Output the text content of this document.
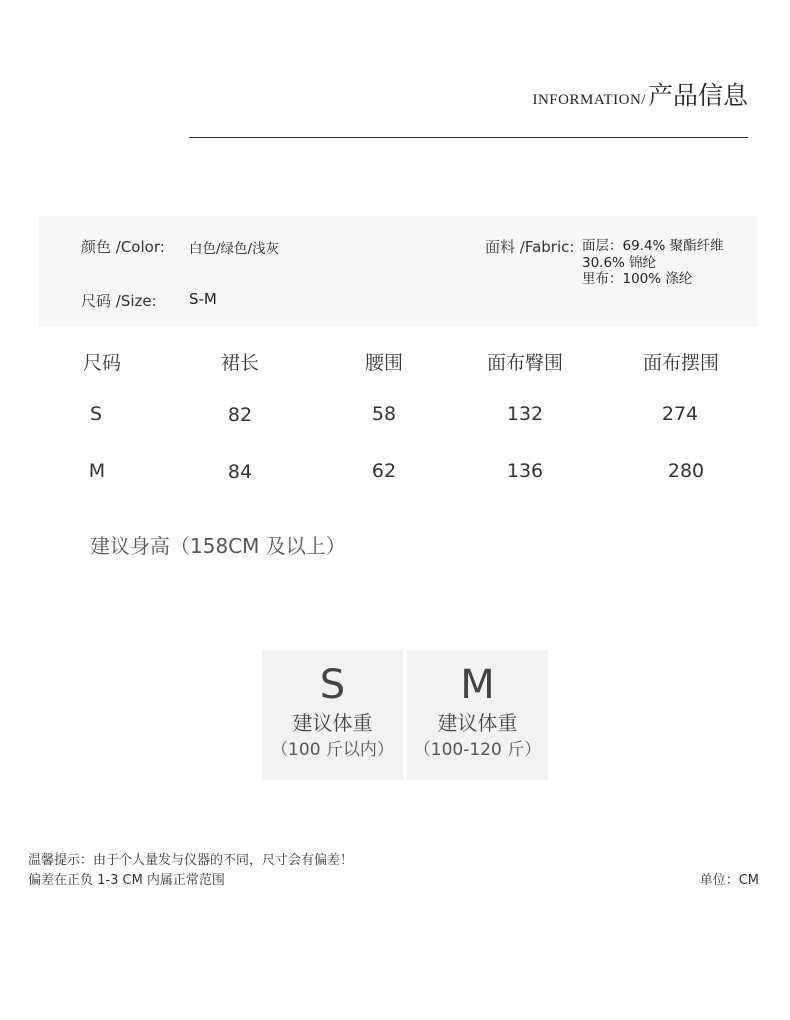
INFORMATION/ 产品信息
颜色 /Color: 白色/绿色/浅灰
尺码 /Size: S-M
面料 /Fabric: 面层：69.4% 聚酯纤维
30.6% 锦纶
里布：100% 涤纶
尺码	裙长	腰围	面布臀围	面布摆围
S	82	58	132	274
M	84	62	136	280
建议身高（158CM 及以上）
S
建议体重
（100 斤以内）
M
建议体重
（100-120 斤）
温馨提示：由于个人量发与仪器的不同，尺寸会有偏差！
偏差在正负 1-3 CM 内属正常范围	单位：CM
